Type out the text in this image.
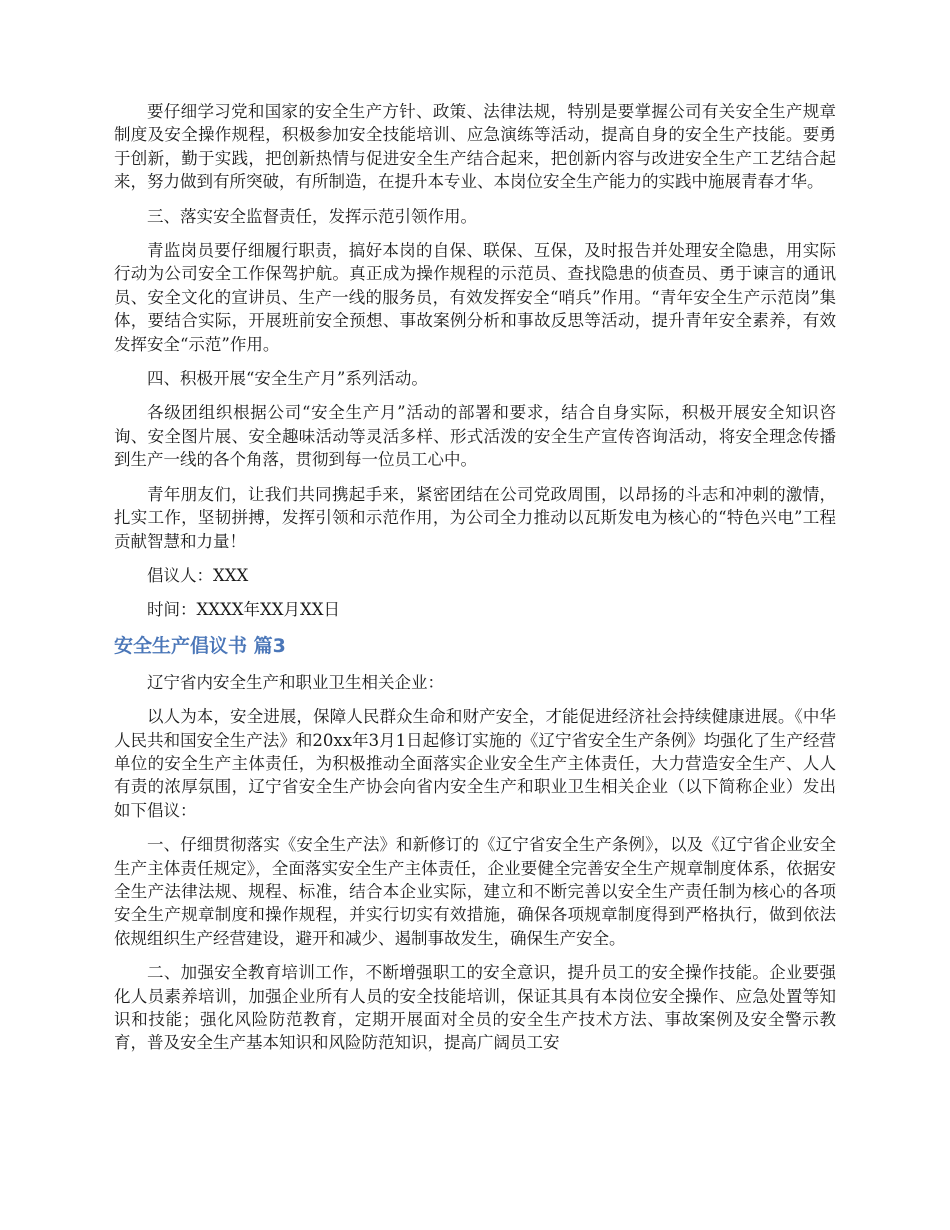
要仔细学习党和国家的安全生产方针、政策、法律法规，特别是要掌握公司有关安全生产规章制度及安全操作规程，积极参加安全技能培训、应急演练等活动，提高自身的安全生产技能。要勇于创新，勤于实践，把创新热情与促进安全生产结合起来，把创新内容与改进安全生产工艺结合起来，努力做到有所突破，有所制造，在提升本专业、本岗位安全生产能力的实践中施展青春才华。

三、落实安全监督责任，发挥示范引领作用。

青监岗员要仔细履行职责，搞好本岗的自保、联保、互保，及时报告并处理安全隐患，用实际行动为公司安全工作保驾护航。真正成为操作规程的示范员、查找隐患的侦查员、勇于谏言的通讯员、安全文化的宣讲员、生产一线的服务员，有效发挥安全“哨兵”作用。“青年安全生产示范岗”集体，要结合实际，开展班前安全预想、事故案例分析和事故反思等活动，提升青年安全素养，有效发挥安全“示范”作用。

四、积极开展“安全生产月”系列活动。

各级团组织根据公司“安全生产月”活动的部署和要求，结合自身实际，积极开展安全知识咨询、安全图片展、安全趣味活动等灵活多样、形式活泼的安全生产宣传咨询活动，将安全理念传播到生产一线的各个角落，贯彻到每一位员工心中。

青年朋友们，让我们共同携起手来，紧密团结在公司党政周围，以昂扬的斗志和冲刺的激情，扎实工作，坚韧拼搏，发挥引领和示范作用，为公司全力推动以瓦斯发电为核心的“特色兴电”工程贡献智慧和力量！

倡议人：XXX

时间：XXXX年XX月XX日

安全生产倡议书 篇3

辽宁省内安全生产和职业卫生相关企业：

以人为本，安全进展，保障人民群众生命和财产安全，才能促进经济社会持续健康进展。《中华人民共和国安全生产法》和20xx年3月1日起修订实施的《辽宁省安全生产条例》均强化了生产经营单位的安全生产主体责任，为积极推动全面落实企业安全生产主体责任，大力营造安全生产、人人有责的浓厚氛围，辽宁省安全生产协会向省内安全生产和职业卫生相关企业（以下简称企业）发出如下倡议：

一、仔细贯彻落实《安全生产法》和新修订的《辽宁省安全生产条例》，以及《辽宁省企业安全生产主体责任规定》，全面落实安全生产主体责任，企业要健全完善安全生产规章制度体系，依据安全生产法律法规、规程、标准，结合本企业实际，建立和不断完善以安全生产责任制为核心的各项安全生产规章制度和操作规程，并实行切实有效措施，确保各项规章制度得到严格执行，做到依法依规组织生产经营建设，避开和减少、遏制事故发生，确保生产安全。

二、加强安全教育培训工作，不断增强职工的安全意识，提升员工的安全操作技能。企业要强化人员素养培训，加强企业所有人员的安全技能培训，保证其具有本岗位安全操作、应急处置等知识和技能；强化风险防范教育，定期开展面对全员的安全生产技术方法、事故案例及安全警示教育，普及安全生产基本知识和风险防范知识，提高广阔员工安
